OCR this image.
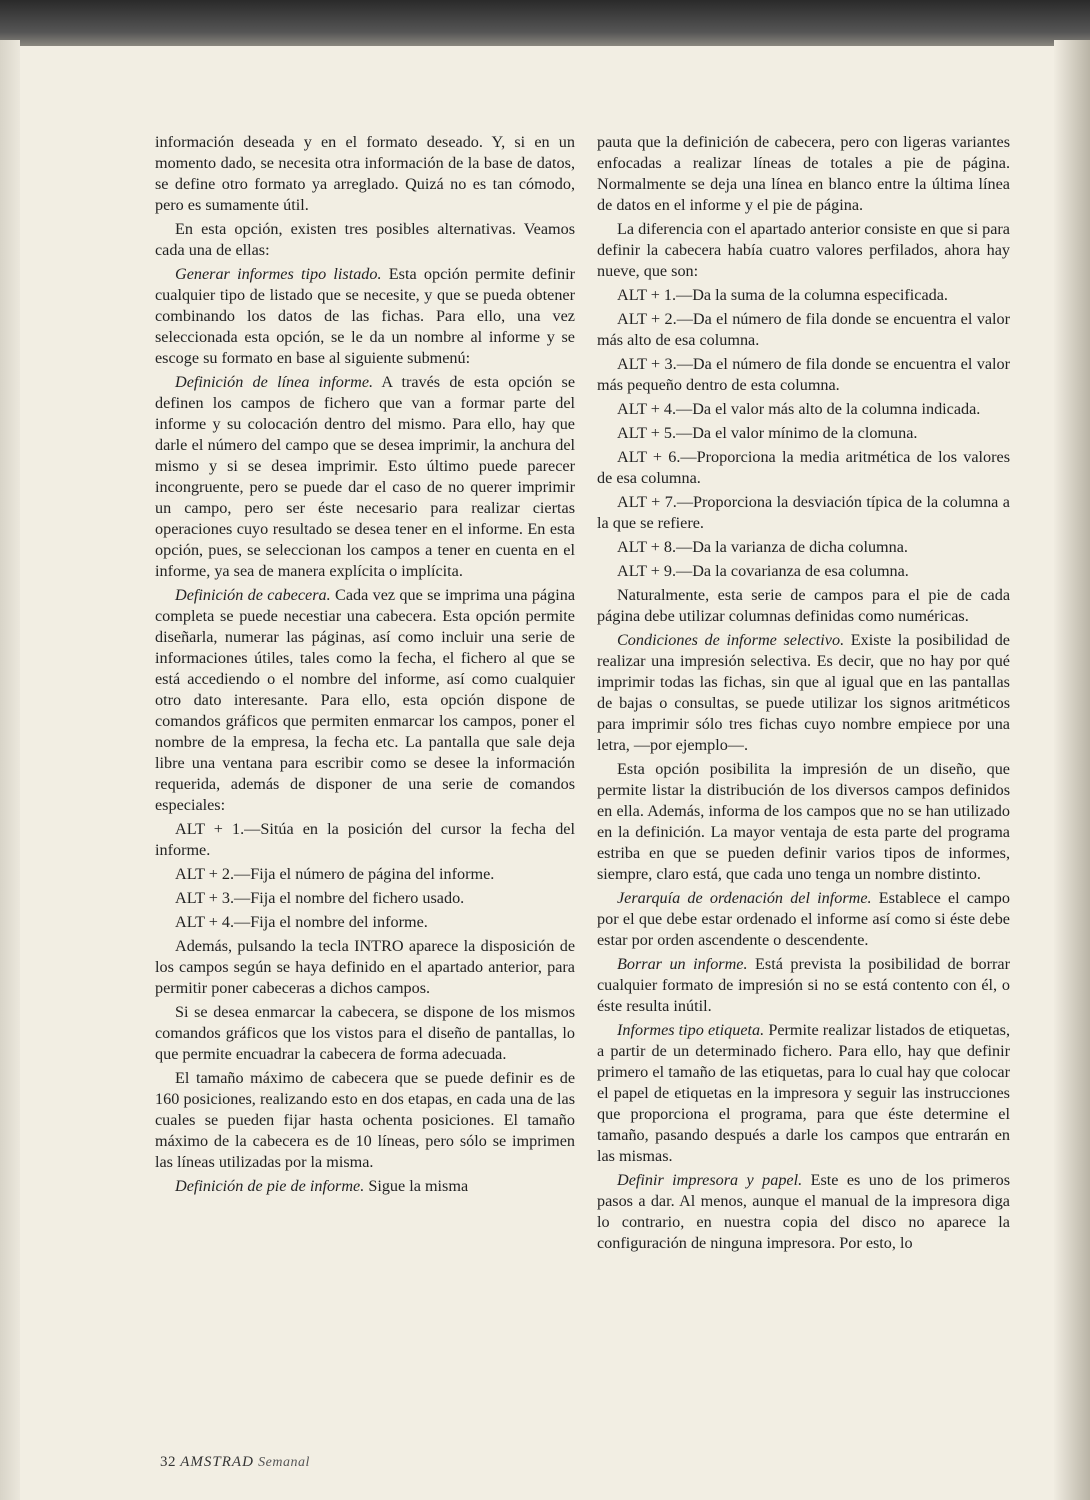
información deseada y en el formato deseado. Y, si en un momento dado, se necesita otra información de la base de datos, se define otro formato ya arreglado. Quizá no es tan cómodo, pero es sumamente útil.

En esta opción, existen tres posibles alternativas. Veamos cada una de ellas:

Generar informes tipo listado. Esta opción permite definir cualquier tipo de listado que se necesite, y que se pueda obtener combinando los datos de las fichas. Para ello, una vez seleccionada esta opción, se le da un nombre al informe y se escoge su formato en base al siguiente submenú:

Definición de línea informe. A través de esta opción se definen los campos de fichero que van a formar parte del informe y su colocación dentro del mismo. Para ello, hay que darle el número del campo que se desea imprimir, la anchura del mismo y si se desea imprimir. Esto último puede parecer incongruente, pero se puede dar el caso de no querer imprimir un campo, pero ser éste necesario para realizar ciertas operaciones cuyo resultado se desea tener en el informe. En esta opción, pues, se seleccionan los campos a tener en cuenta en el informe, ya sea de manera explícita o implícita.

Definición de cabecera. Cada vez que se imprima una página completa se puede necestiar una cabecera. Esta opción permite diseñarla, numerar las páginas, así como incluir una serie de informaciones útiles, tales como la fecha, el fichero al que se está accediendo o el nombre del informe, así como cualquier otro dato interesante. Para ello, esta opción dispone de comandos gráficos que permiten enmarcar los campos, poner el nombre de la empresa, la fecha etc. La pantalla que sale deja libre una ventana para escribir como se desee la información requerida, además de disponer de una serie de comandos especiales:

ALT + 1.—Sitúa en la posición del cursor la fecha del informe.

ALT + 2.—Fija el número de página del informe.

ALT + 3.—Fija el nombre del fichero usado.

ALT + 4.—Fija el nombre del informe.

Además, pulsando la tecla INTRO aparece la disposición de los campos según se haya definido en el apartado anterior, para permitir poner cabeceras a dichos campos.

Si se desea enmarcar la cabecera, se dispone de los mismos comandos gráficos que los vistos para el diseño de pantallas, lo que permite encuadrar la cabecera de forma adecuada.

El tamaño máximo de cabecera que se puede definir es de 160 posiciones, realizando esto en dos etapas, en cada una de las cuales se pueden fijar hasta ochenta posiciones. El tamaño máximo de la cabecera es de 10 líneas, pero sólo se imprimen las líneas utilizadas por la misma.

Definición de pie de informe. Sigue la misma

pauta que la definición de cabecera, pero con ligeras variantes enfocadas a realizar líneas de totales a pie de página. Normalmente se deja una línea en blanco entre la última línea de datos en el informe y el pie de página.

La diferencia con el apartado anterior consiste en que si para definir la cabecera había cuatro valores perfilados, ahora hay nueve, que son:

ALT + 1.—Da la suma de la columna especificada.

ALT + 2.—Da el número de fila donde se encuentra el valor más alto de esa columna.

ALT + 3.—Da el número de fila donde se encuentra el valor más pequeño dentro de esta columna.

ALT + 4.—Da el valor más alto de la columna indicada.

ALT + 5.—Da el valor mínimo de la clomuna.

ALT + 6.—Proporciona la media aritmética de los valores de esa columna.

ALT + 7.—Proporciona la desviación típica de la columna a la que se refiere.

ALT + 8.—Da la varianza de dicha columna.

ALT + 9.—Da la covarianza de esa columna.

Naturalmente, esta serie de campos para el pie de cada página debe utilizar columnas definidas como numéricas.

Condiciones de informe selectivo. Existe la posibilidad de realizar una impresión selectiva. Es decir, que no hay por qué imprimir todas las fichas, sin que al igual que en las pantallas de bajas o consultas, se puede utilizar los signos aritméticos para imprimir sólo tres fichas cuyo nombre empiece por una letra, —por ejemplo—.

Esta opción posibilita la impresión de un diseño, que permite listar la distribución de los diversos campos definidos en ella. Además, informa de los campos que no se han utilizado en la definición. La mayor ventaja de esta parte del programa estriba en que se pueden definir varios tipos de informes, siempre, claro está, que cada uno tenga un nombre distinto.

Jerarquía de ordenación del informe. Establece el campo por el que debe estar ordenado el informe así como si éste debe estar por orden ascendente o descendente.

Borrar un informe. Está prevista la posibilidad de borrar cualquier formato de impresión si no se está contento con él, o éste resulta inútil.

Informes tipo etiqueta. Permite realizar listados de etiquetas, a partir de un determinado fichero. Para ello, hay que definir primero el tamaño de las etiquetas, para lo cual hay que colocar el papel de etiquetas en la impresora y seguir las instrucciones que proporciona el programa, para que éste determine el tamaño, pasando después a darle los campos que entrarán en las mismas.

Definir impresora y papel. Este es uno de los primeros pasos a dar. Al menos, aunque el manual de la impresora diga lo contrario, en nuestra copia del disco no aparece la configuración de ninguna impresora. Por esto, lo

32 AMSTRAD Semanal
